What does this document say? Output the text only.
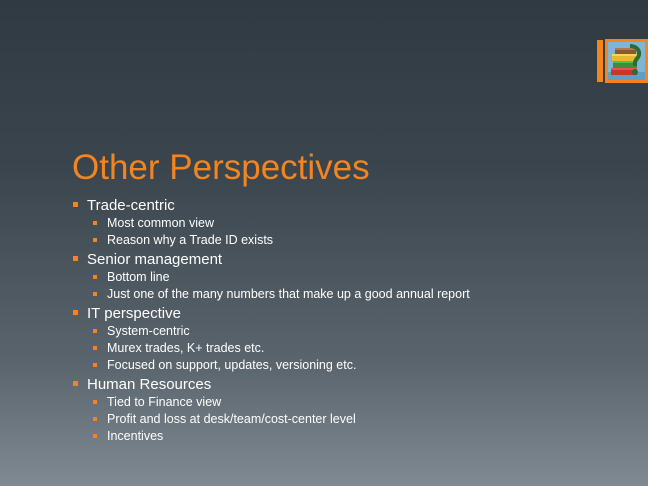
Other Perspectives
Trade-centric
Most common view
Reason why a Trade ID exists
Senior management
Bottom line
Just one of the many numbers that make up a good annual report
IT perspective
System-centric
Murex trades, K+ trades etc.
Focused on support, updates, versioning etc.
Human Resources
Tied to Finance view
Profit and loss at desk/team/cost-center level
Incentives
